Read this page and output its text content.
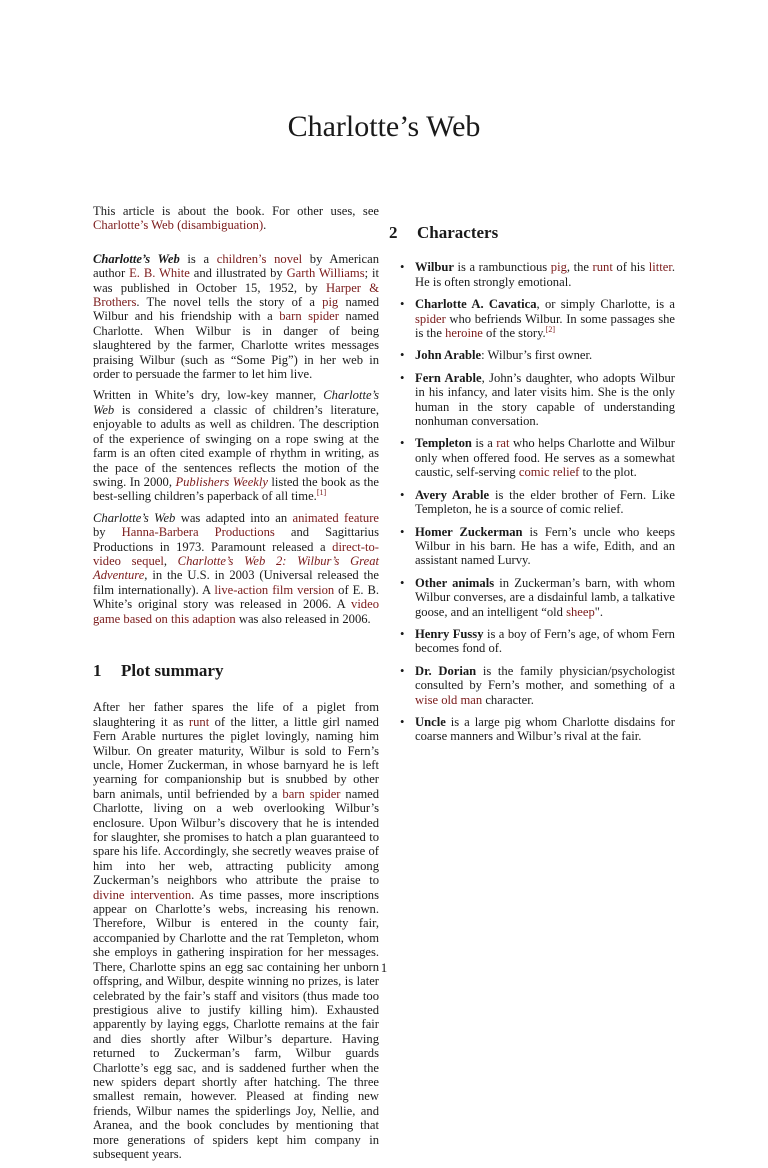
Charlotte’s Web

This article is about the book. For other uses, see Charlotte’s Web (disambiguation).

Charlotte’s Web is a children’s novel by American author E. B. White and illustrated by Garth Williams; it was published in October 15, 1952, by Harper & Brothers. The novel tells the story of a pig named Wilbur and his friendship with a barn spider named Charlotte. When Wilbur is in danger of being slaughtered by the farmer, Charlotte writes messages praising Wilbur (such as “Some Pig”) in her web in order to persuade the farmer to let him live.

Written in White’s dry, low-key manner, Charlotte’s Web is considered a classic of children’s literature, enjoyable to adults as well as children. The description of the experience of swinging on a rope swing at the farm is an often cited example of rhythm in writing, as the pace of the sentences reflects the motion of the swing. In 2000, Publishers Weekly listed the book as the best-selling children’s paperback of all time.[1]

Charlotte’s Web was adapted into an animated feature by Hanna-Barbera Productions and Sagittarius Productions in 1973. Paramount released a direct-to-video sequel, Charlotte’s Web 2: Wilbur’s Great Adventure, in the U.S. in 2003 (Universal released the film internationally). A live-action film version of E. B. White’s original story was released in 2006. A video game based on this adaption was also released in 2006.

1 Plot summary

After her father spares the life of a piglet from slaughtering it as runt of the litter, a little girl named Fern Arable nurtures the piglet lovingly, naming him Wilbur. On greater maturity, Wilbur is sold to Fern’s uncle, Homer Zuckerman, in whose barnyard he is left yearning for companionship but is snubbed by other barn animals, until befriended by a barn spider named Charlotte, living on a web overlooking Wilbur’s enclosure. Upon Wilbur’s discovery that he is intended for slaughter, she promises to hatch a plan guaranteed to spare his life. Accordingly, she secretly weaves praise of him into her web, attracting publicity among Zuckerman’s neighbors who attribute the praise to divine intervention. As time passes, more inscriptions appear on Charlotte’s webs, increasing his renown. Therefore, Wilbur is entered in the county fair, accompanied by Charlotte and the rat Templeton, whom she employs in gathering inspiration for her messages. There, Charlotte spins an egg sac containing her unborn offspring, and Wilbur, despite winning no prizes, is later celebrated by the fair’s staff and visitors (thus made too prestigious alive to justify killing him). Exhausted apparently by laying eggs, Charlotte remains at the fair and dies shortly after Wilbur’s departure. Having returned to Zuckerman’s farm, Wilbur guards Charlotte’s egg sac, and is saddened further when the new spiders depart shortly after hatching. The three smallest remain, however. Pleased at finding new friends, Wilbur names the spiderlings Joy, Nellie, and Aranea, and the book concludes by mentioning that more generations of spiders kept him company in subsequent years.

2 Characters
• Wilbur is a rambunctious pig, the runt of his litter. He is often strongly emotional.
• Charlotte A. Cavatica, or simply Charlotte, is a spider who befriends Wilbur. In some passages she is the heroine of the story.[2]
• John Arable: Wilbur’s first owner.
• Fern Arable, John’s daughter, who adopts Wilbur in his infancy, and later visits him. She is the only human in the story capable of understanding nonhuman conversation.
• Templeton is a rat who helps Charlotte and Wilbur only when offered food. He serves as a somewhat caustic, self-serving comic relief to the plot.
• Avery Arable is the elder brother of Fern. Like Templeton, he is a source of comic relief.
• Homer Zuckerman is Fern’s uncle who keeps Wilbur in his barn. He has a wife, Edith, and an assistant named Lurvy.
• Other animals in Zuckerman’s barn, with whom Wilbur converses, are a disdainful lamb, a talkative goose, and an intelligent “old sheep".
• Henry Fussy is a boy of Fern’s age, of whom Fern becomes fond of.
• Dr. Dorian is the family physician/psychologist consulted by Fern’s mother, and something of a wise old man character.
• Uncle is a large pig whom Charlotte disdains for coarse manners and Wilbur’s rival at the fair.
1
